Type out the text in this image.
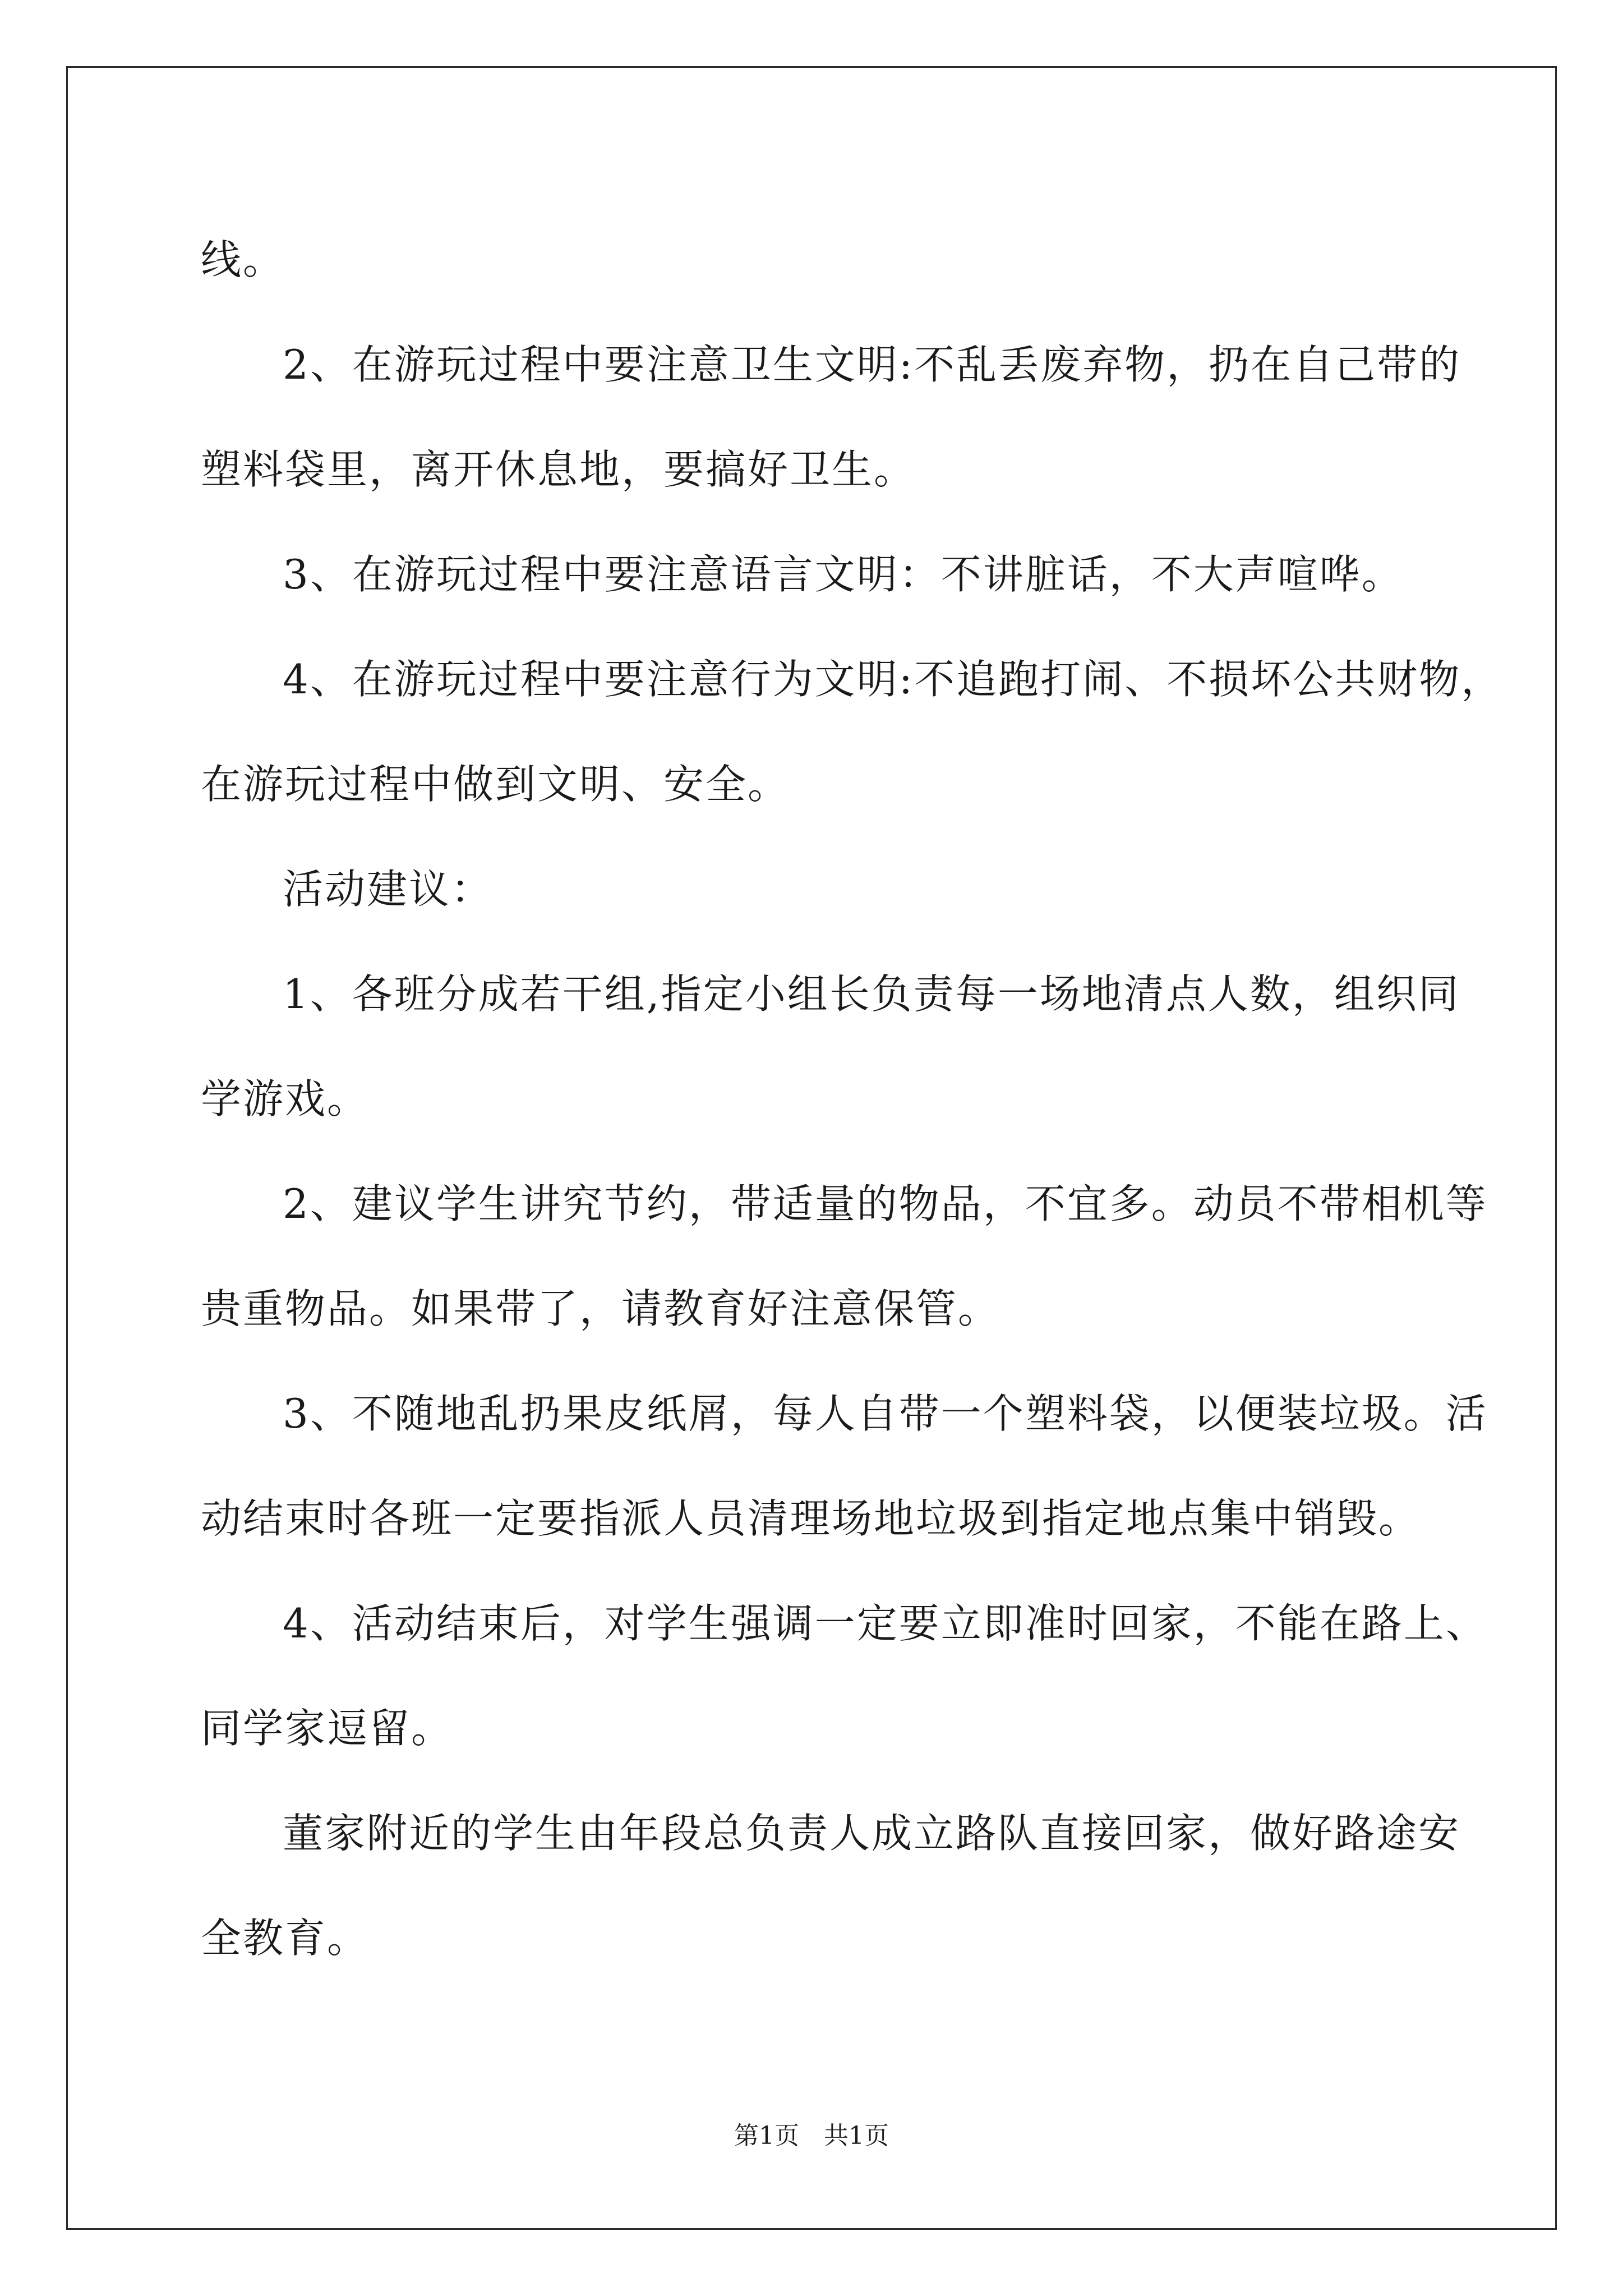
线。
2、在游玩过程中要注意卫生文明:不乱丢废弃物，扔在自己带的
塑料袋里，离开休息地，要搞好卫生。
3、在游玩过程中要注意语言文明：不讲脏话，不大声喧哗。
4、在游玩过程中要注意行为文明:不追跑打闹、不损坏公共财物，
在游玩过程中做到文明、安全。
活动建议：
1、各班分成若干组,指定小组长负责每一场地清点人数，组织同
学游戏。
2、建议学生讲究节约，带适量的物品，不宜多。动员不带相机等
贵重物品。如果带了，请教育好注意保管。
3、不随地乱扔果皮纸屑，每人自带一个塑料袋，以便装垃圾。活
动结束时各班一定要指派人员清理场地垃圾到指定地点集中销毁。
4、活动结束后，对学生强调一定要立即准时回家，不能在路上、
同学家逗留。
董家附近的学生由年段总负责人成立路队直接回家，做好路途安
全教育。
第1页　共1页
